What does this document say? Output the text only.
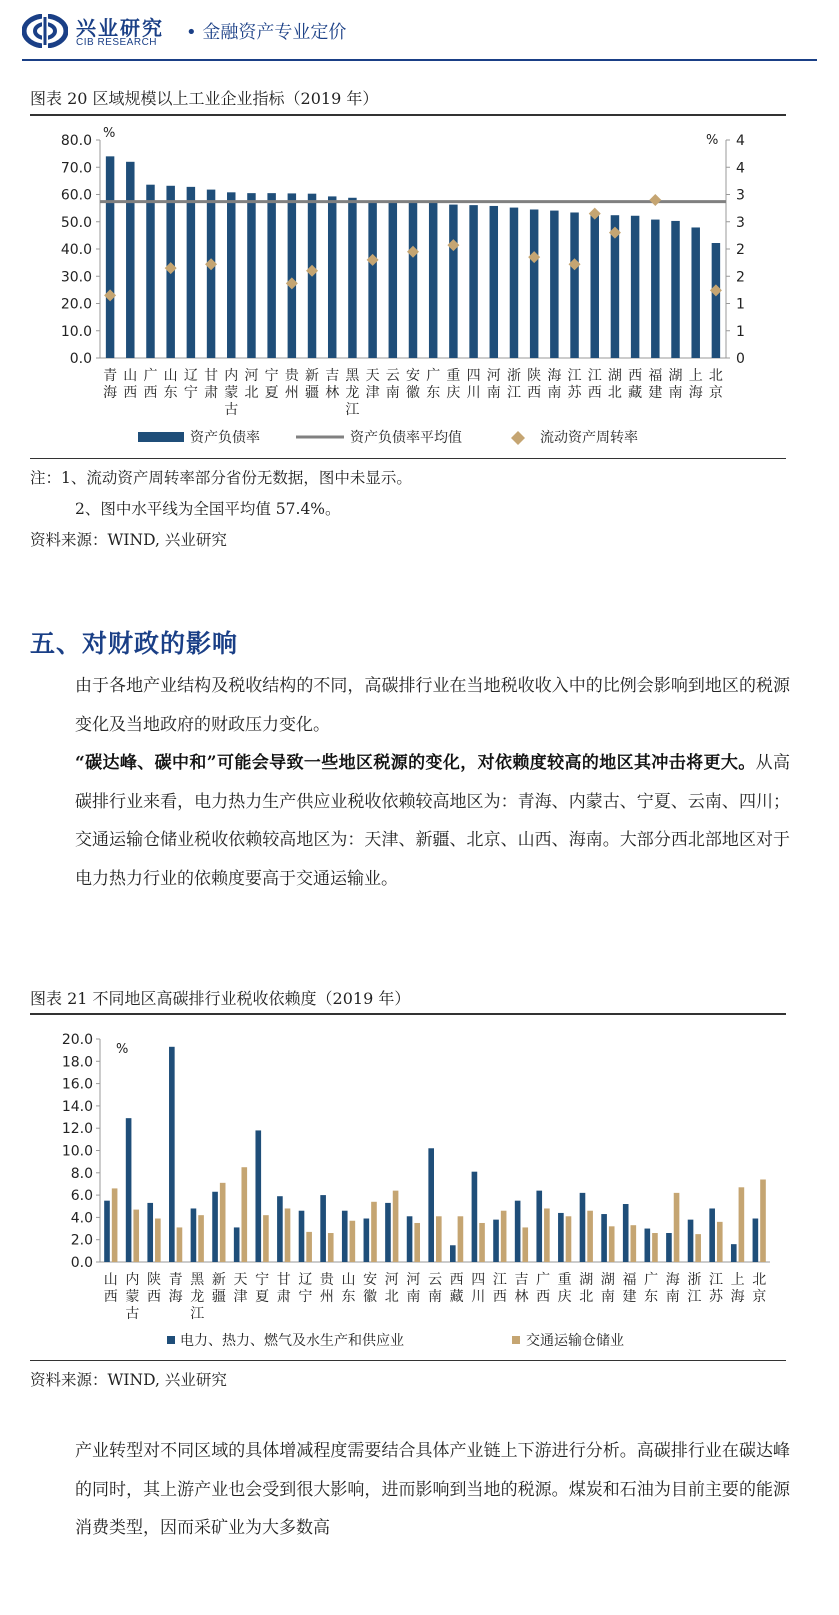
兴业研究
CIB RESEARCH • 金融资产专业定价
图表 20 区域规模以上工业企业指标（2019 年）
0.0
10.0
20.0
30.0
40.0
50.0
60.0
70.0
80.0
0
1
1
2
2
3
3
4
4
%	%
青海
山西
广西
山东
辽宁
甘肃
内蒙古
河北
宁夏
贵州
新疆
吉林
黑龙江
天津
云南
安徽
广东
重庆
四川
河南
浙江
陕西
海南
江苏
江西
湖北
西藏
福建
湖南
上海
北京
资产负债率	资产负债率平均值	流动资产周转率
注：1、流动资产周转率部分省份无数据，图中未显示。
2、图中水平线为全国平均值 57.4%。
资料来源：WIND, 兴业研究
五、对财政的影响
由于各地产业结构及税收结构的不同，高碳排行业在当地税收收入中的比例会影响到地区的税源变化及当地政府的财政压力变化。
“碳达峰、碳中和”可能会导致一些地区税源的变化，对依赖度较高的地区其冲击将更大。从高碳排行业来看，电力热力生产供应业税收依赖较高地区为：青海、内蒙古、宁夏、云南、四川；交通运输仓储业税收依赖较高地区为：天津、新疆、北京、山西、海南。大部分西北部地区对于电力热力行业的依赖度要高于交通运输业。
图表 21 不同地区高碳排行业税收依赖度（2019 年）
0.0
2.0
4.0
6.0
8.0
10.0
12.0
14.0
16.0
18.0
20.0
%
山西
内蒙古
陕西
青海
黑龙江
新疆
天津
宁夏
甘肃
辽宁
贵州
山东
安徽
河北
河南
云南
西藏
四川
江西
吉林
广西
重庆
湖北
湖南
福建
广东
海南
浙江
江苏
上海
北京
电力、热力、燃气及水生产和供应业	交通运输仓储业
资料来源：WIND, 兴业研究
产业转型对不同区域的具体增减程度需要结合具体产业链上下游进行分析。高碳排行业在碳达峰的同时，其上游产业也会受到很大影响，进而影响到当地的税源。煤炭和石油为目前主要的能源消费类型，因而采矿业为大多数高
